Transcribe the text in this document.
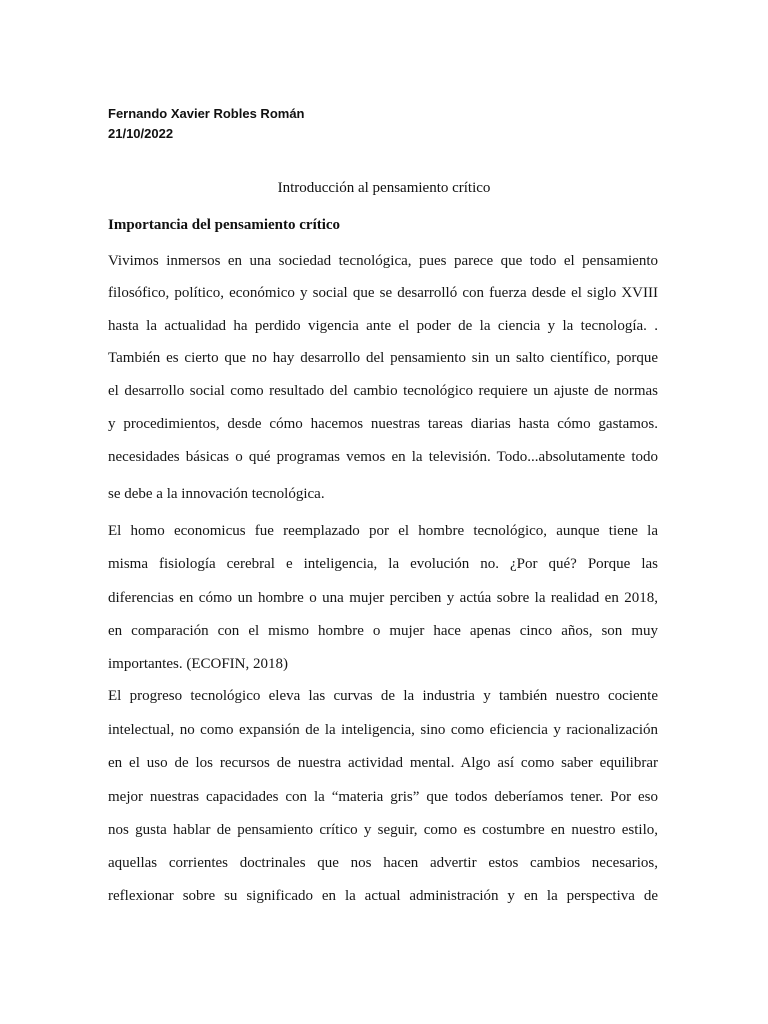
Fernando Xavier Robles Román
21/10/2022
Introducción al pensamiento crítico
Importancia del pensamiento crítico
Vivimos inmersos en una sociedad tecnológica, pues parece que todo el pensamiento
filosófico, político, económico y social que se desarrolló con fuerza desde el siglo XVIII
hasta la actualidad ha perdido vigencia ante el poder de la ciencia y la tecnología. .
También es cierto que no hay desarrollo del pensamiento sin un salto científico, porque
el desarrollo social como resultado del cambio tecnológico requiere un ajuste de normas
y procedimientos, desde cómo hacemos nuestras tareas diarias hasta cómo gastamos.
necesidades básicas o qué programas vemos en la televisión. Todo...absolutamente todo
se debe a la innovación tecnológica.
El homo economicus fue reemplazado por el hombre tecnológico, aunque tiene la
misma fisiología cerebral e inteligencia, la evolución no. ¿Por qué? Porque las
diferencias en cómo un hombre o una mujer perciben y actúa sobre la realidad en 2018,
en comparación con el mismo hombre o mujer hace apenas cinco años, son muy
importantes. (ECOFIN, 2018)
El progreso tecnológico eleva las curvas de la industria y también nuestro cociente
intelectual, no como expansión de la inteligencia, sino como eficiencia y racionalización
en el uso de los recursos de nuestra actividad mental. Algo así como saber equilibrar
mejor nuestras capacidades con la “materia gris” que todos deberíamos tener. Por eso
nos gusta hablar de pensamiento crítico y seguir, como es costumbre en nuestro estilo,
aquellas corrientes doctrinales que nos hacen advertir estos cambios necesarios,
reflexionar sobre su significado en la actual administración y en la perspectiva de
